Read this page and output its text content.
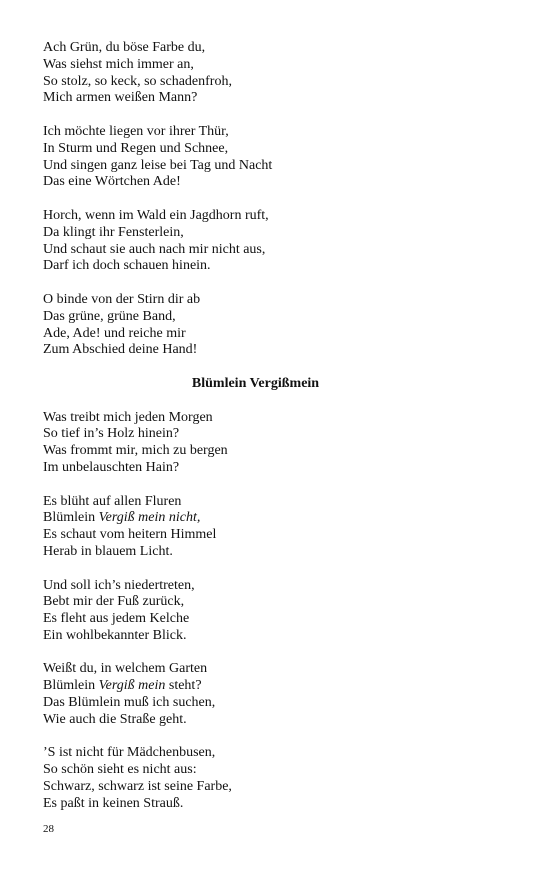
Ach Grün, du böse Farbe du,
Was siehst mich immer an,
So stolz, so keck, so schadenfroh,
Mich armen weißen Mann?
Ich möchte liegen vor ihrer Thür,
In Sturm und Regen und Schnee,
Und singen ganz leise bei Tag und Nacht
Das eine Wörtchen Ade!
Horch, wenn im Wald ein Jagdhorn ruft,
Da klingt ihr Fensterlein,
Und schaut sie auch nach mir nicht aus,
Darf ich doch schauen hinein.
O binde von der Stirn dir ab
Das grüne, grüne Band,
Ade, Ade! und reiche mir
Zum Abschied deine Hand!
Blümlein Vergißmein
Was treibt mich jeden Morgen
So tief in’s Holz hinein?
Was frommt mir, mich zu bergen
Im unbelauschten Hain?
Es blüht auf allen Fluren
Blümlein Vergiß mein nicht,
Es schaut vom heitern Himmel
Herab in blauem Licht.
Und soll ich’s niedertreten,
Bebt mir der Fuß zurück,
Es fleht aus jedem Kelche
Ein wohlbekannter Blick.
Weißt du, in welchem Garten
Blümlein Vergiß mein steht?
Das Blümlein muß ich suchen,
Wie auch die Straße geht.
’S ist nicht für Mädchenbusen,
So schön sieht es nicht aus:
Schwarz, schwarz ist seine Farbe,
Es paßt in keinen Strauß.
28
